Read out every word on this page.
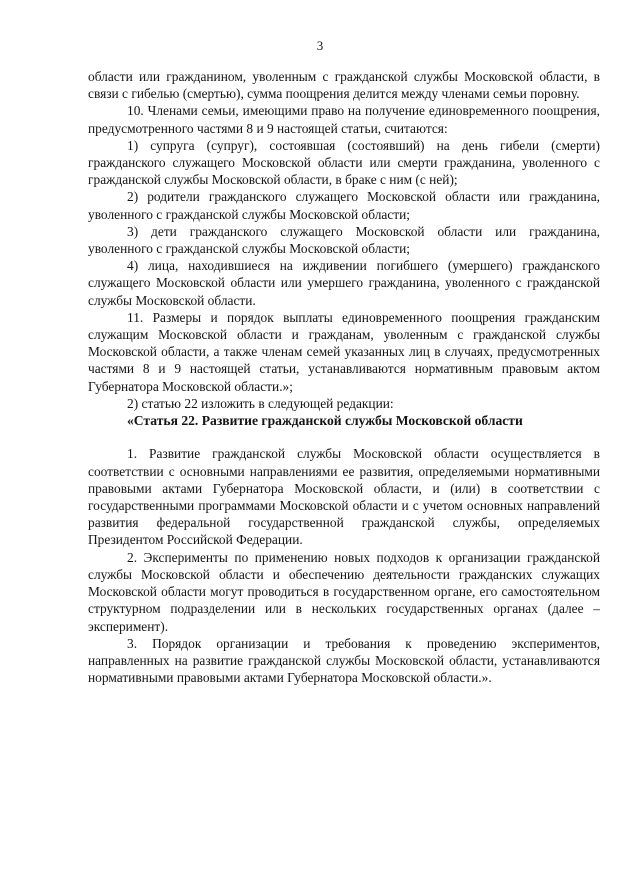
3

области или гражданином, уволенным с гражданской службы Московской области, в связи с гибелью (смертью), сумма поощрения делится между членами семьи поровну.

10. Членами семьи, имеющими право на получение единовременного поощрения, предусмотренного частями 8 и 9 настоящей статьи, считаются:

1) супруга (супруг), состоявшая (состоявший) на день гибели (смерти) гражданского служащего Московской области или смерти гражданина, уволенного с гражданской службы Московской области, в браке с ним (с ней);

2) родители гражданского служащего Московской области или гражданина, уволенного с гражданской службы Московской области;

3) дети гражданского служащего Московской области или гражданина, уволенного с гражданской службы Московской области;

4) лица, находившиеся на иждивении погибшего (умершего) гражданского служащего Московской области или умершего гражданина, уволенного с гражданской службы Московской области.

11. Размеры и порядок выплаты единовременного поощрения гражданским служащим Московской области и гражданам, уволенным с гражданской службы Московской области, а также членам семей указанных лиц в случаях, предусмотренных частями 8 и 9 настоящей статьи, устанавливаются нормативным правовым актом Губернатора Московской области.»;

2) статью 22 изложить в следующей редакции:

«Статья 22. Развитие гражданской службы Московской области

1. Развитие гражданской службы Московской области осуществляется в соответствии с основными направлениями ее развития, определяемыми нормативными правовыми актами Губернатора Московской области, и (или) в соответствии с государственными программами Московской области и с учетом основных направлений развития федеральной государственной гражданской службы, определяемых Президентом Российской Федерации.

2. Эксперименты по применению новых подходов к организации гражданской службы Московской области и обеспечению деятельности гражданских служащих Московской области могут проводиться в государственном органе, его самостоятельном структурном подразделении или в нескольких государственных органах (далее – эксперимент).

3. Порядок организации и требования к проведению экспериментов, направленных на развитие гражданской службы Московской области, устанавливаются нормативными правовыми актами Губернатора Московской области.».
